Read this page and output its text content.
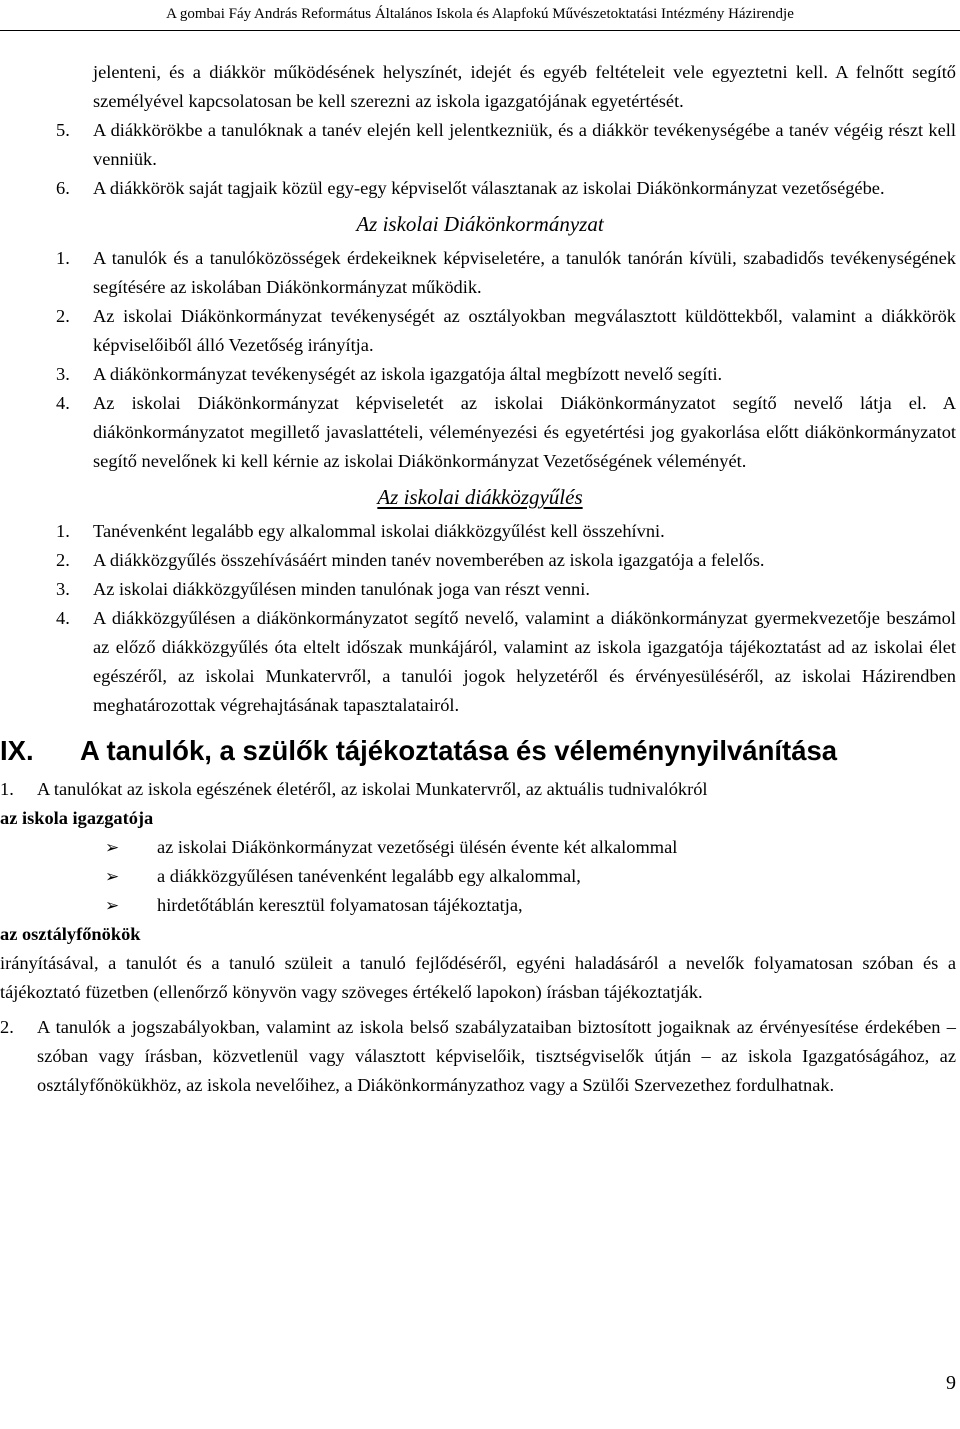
A gombai Fáy András Református Általános Iskola és Alapfokú Művészetoktatási Intézmény Házirendje
jelenteni, és a diákkör működésének helyszínét, idejét és egyéb feltételeit vele egyeztetni kell. A felnőtt segítő személyével kapcsolatosan be kell szerezni az iskola igazgatójának egyetértését.
5. A diákkörökbe a tanulóknak a tanév elején kell jelentkezniük, és a diákkör tevékenységébe a tanév végéig részt kell venniük.
6. A diákkörök saját tagjaik közül egy-egy képviselőt választanak az iskolai Diákönkormányzat vezetőségébe.
Az iskolai Diákönkormányzat
1. A tanulók és a tanulóközösségek érdekeiknek képviseletére, a tanulók tanórán kívüli, szabadidős tevékenységének segítésére az iskolában Diákönkormányzat működik.
2. Az iskolai Diákönkormányzat tevékenységét az osztályokban megválasztott küldöttekből, valamint a diákkörök képviselőiből álló Vezetőség irányítja.
3. A diákönkormányzat tevékenységét az iskola igazgatója által megbízott nevelő segíti.
4. Az iskolai Diákönkormányzat képviseletét az iskolai Diákönkormányzatot segítő nevelő látja el. A diákönkormányzatot megillető javaslattételi, véleményezési és egyetértési jog gyakorlása előtt diákönkormányzatot segítő nevelőnek ki kell kérnie az iskolai Diákönkormányzat Vezetőségének véleményét.
Az iskolai diákközgyűlés
1. Tanévenként legalább egy alkalommal iskolai diákközgyűlést kell összehívni.
2. A diákközgyűlés összehívásáért minden tanév novemberében az iskola igazgatója a felelős.
3. Az iskolai diákközgyűlésen minden tanulónak joga van részt venni.
4. A diákközgyűlésen a diákönkormányzatot segítő nevelő, valamint a diákönkormányzat gyermekvezetője beszámol az előző diákközgyűlés óta eltelt időszak munkájáról, valamint az iskola igazgatója tájékoztatást ad az iskolai élet egészéről, az iskolai Munkatervről, a tanulói jogok helyzetéről és érvényesüléséről, az iskolai Házirendben meghatározottak végrehajtásának tapasztalatairól.
IX. A tanulók, a szülők tájékoztatása és véleménynyilvánítása
1. A tanulókat az iskola egészének életéről, az iskolai Munkatervről, az aktuális tudnivalókról
az iskola igazgatója
➢ az iskolai Diákönkormányzat vezetőségi ülésén évente két alkalommal
➢ a diákközgyűlésen tanévenként legalább egy alkalommal,
➢ hirdetőtáblán keresztül folyamatosan tájékoztatja,
az osztályfőnökök
irányításával, a tanulót és a tanuló szüleit a tanuló fejlődéséről, egyéni haladásáról a nevelők folyamatosan szóban és a tájékoztató füzetben (ellenőrző könyvön vagy szöveges értékelő lapokon) írásban tájékoztatják.
2. A tanulók a jogszabályokban, valamint az iskola belső szabályzataiban biztosított jogaiknak az érvényesítése érdekében – szóban vagy írásban, közvetlenül vagy választott képviselőik, tisztségviselők útján – az iskola Igazgatóságához, az osztályfőnökükhöz, az iskola nevelőihez, a Diákönkormányzathoz vagy a Szülői Szervezethez fordulhatnak.
9
